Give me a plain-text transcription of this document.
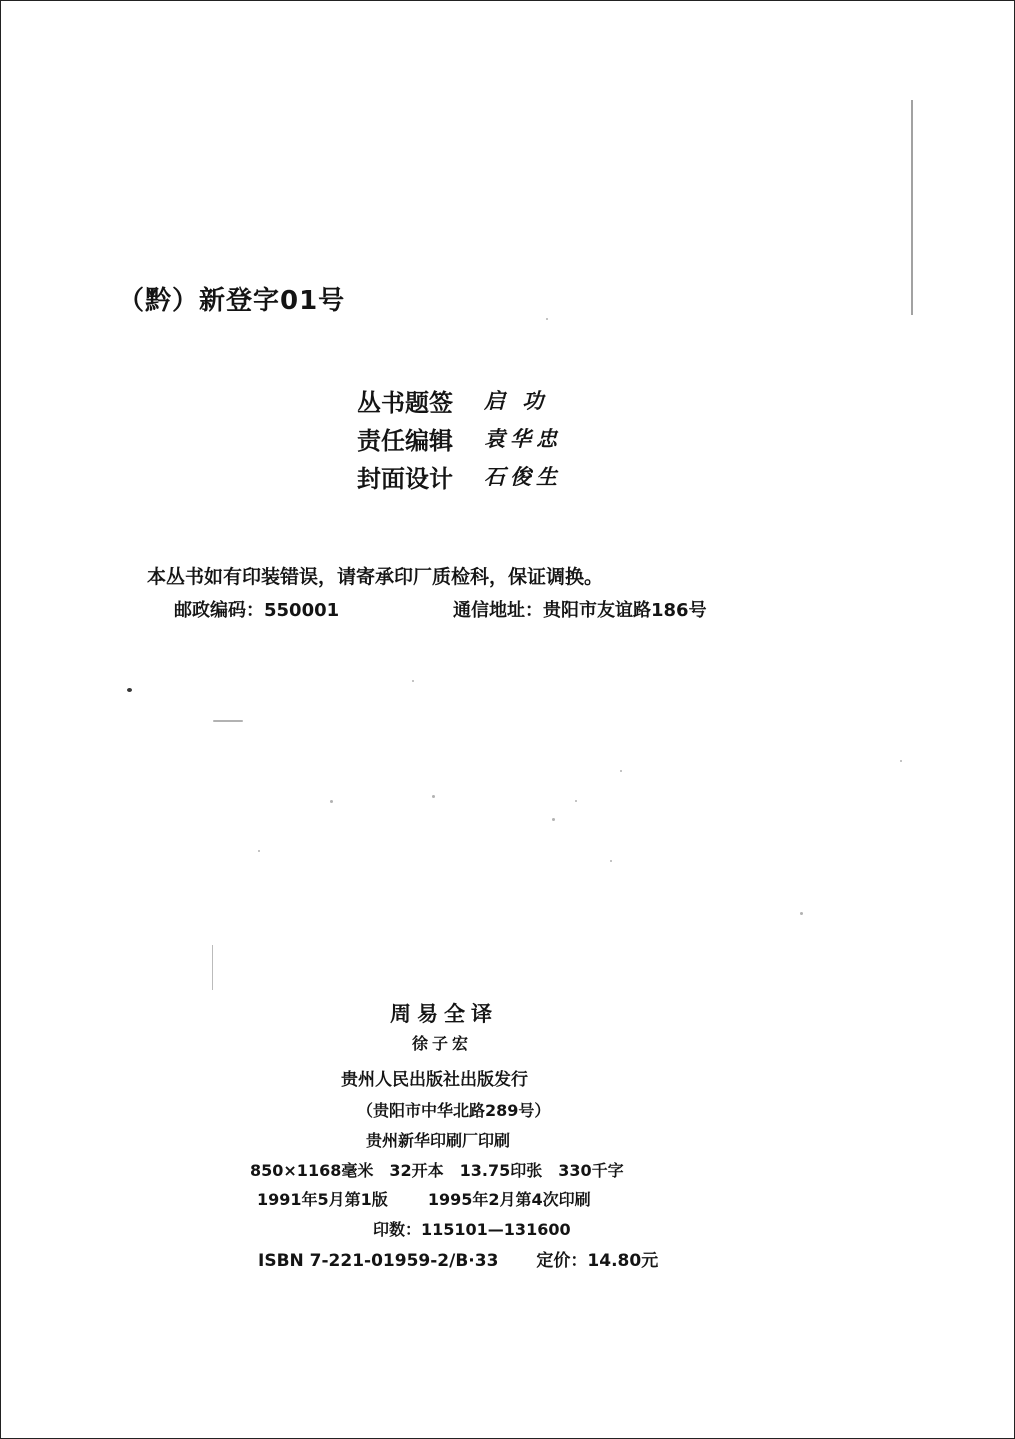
（黔）新登字01号
丛书题签	启 功
责任编辑	袁华忠
封面设计	石俊生
本丛书如有印装错误，请寄承印厂质检科，保证调换。
邮政编码：550001	通信地址：贵阳市友谊路186号
周易全译
徐子宏
贵州人民出版社出版发行
（贵阳市中华北路289号）
贵州新华印刷厂印刷
850×1168毫米 32开本 13.75印张 330千字
1991年5月第1版	1995年2月第4次印刷
印数：115101—131600
ISBN 7-221-01959-2/B·33 定价：14.80元
